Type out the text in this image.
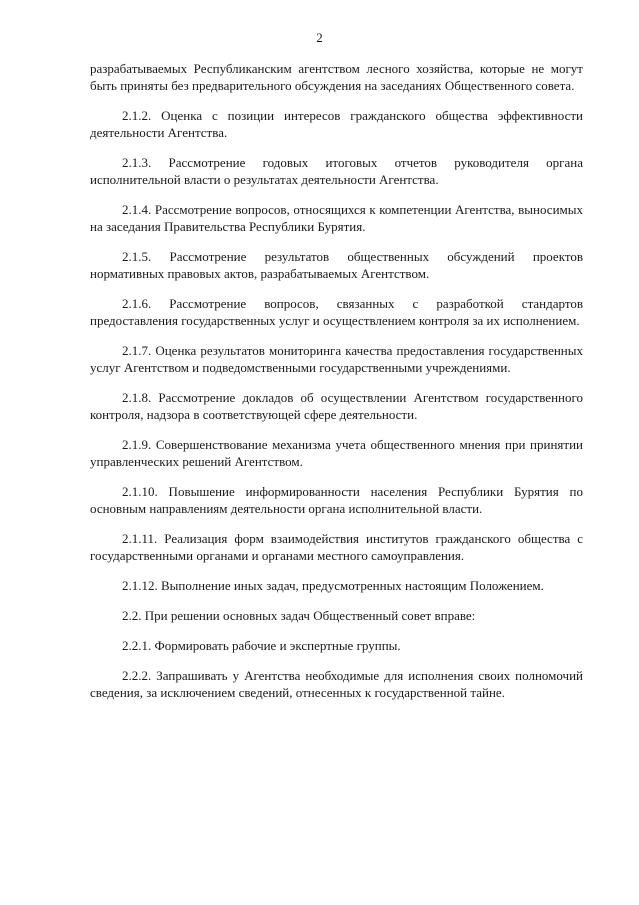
2

разрабатываемых Республиканским агентством лесного хозяйства, которые не могут быть приняты без предварительного обсуждения на заседаниях Общественного совета.

2.1.2. Оценка с позиции интересов гражданского общества эффективности деятельности Агентства.

2.1.3. Рассмотрение годовых итоговых отчетов руководителя органа исполнительной власти о результатах деятельности Агентства.

2.1.4. Рассмотрение вопросов, относящихся к компетенции Агентства, выносимых на заседания Правительства Республики Бурятия.

2.1.5. Рассмотрение результатов общественных обсуждений проектов нормативных правовых актов, разрабатываемых Агентством.

2.1.6. Рассмотрение вопросов, связанных с разработкой стандартов предоставления государственных услуг и осуществлением контроля за их исполнением.

2.1.7. Оценка результатов мониторинга качества предоставления государственных услуг Агентством и подведомственными государственными учреждениями.

2.1.8. Рассмотрение докладов об осуществлении Агентством государственного контроля, надзора в соответствующей сфере деятельности.

2.1.9. Совершенствование механизма учета общественного мнения при принятии управленческих решений Агентством.

2.1.10. Повышение информированности населения Республики Бурятия по основным направлениям деятельности органа исполнительной власти.

2.1.11. Реализация форм взаимодействия институтов гражданского общества с государственными органами и органами местного самоуправления.

2.1.12. Выполнение иных задач, предусмотренных настоящим Положением.

2.2. При решении основных задач Общественный совет вправе:

2.2.1. Формировать рабочие и экспертные группы.

2.2.2. Запрашивать у Агентства необходимые для исполнения своих полномочий сведения, за исключением сведений, отнесенных к государственной тайне.
